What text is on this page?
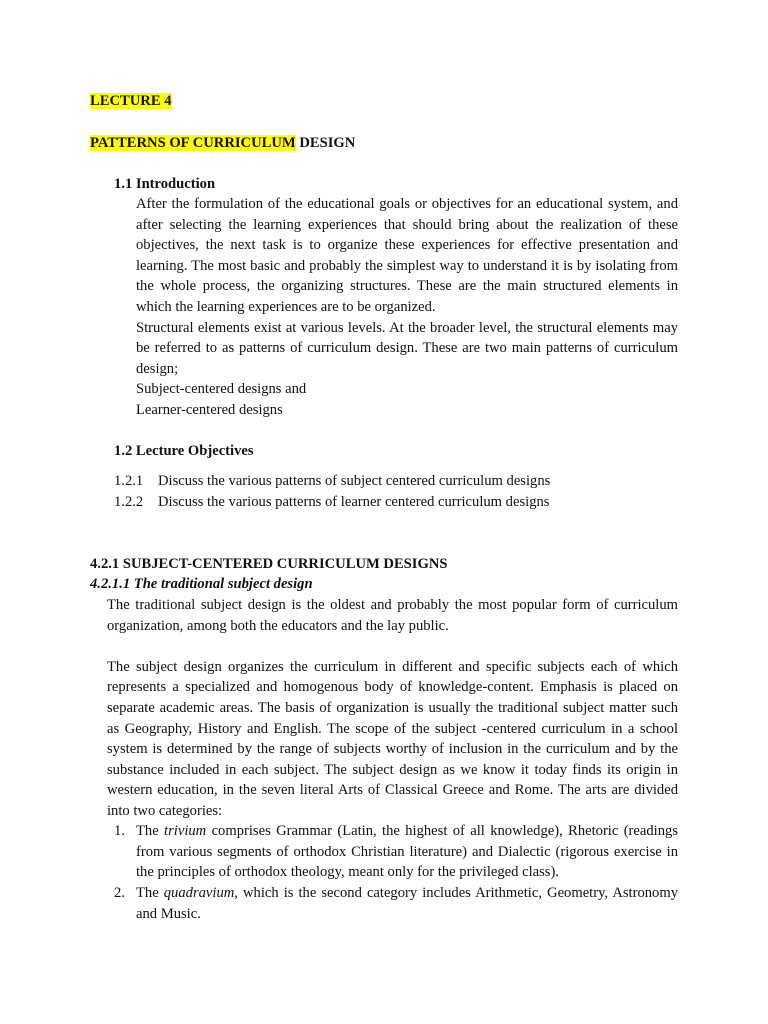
LECTURE 4
PATTERNS OF CURRICULUM DESIGN
1.1 Introduction

After the formulation of the educational goals or objectives for an educational system, and after selecting the learning experiences that should bring about the realization of these objectives, the next task is to organize these experiences for effective presentation and learning. The most basic and probably the simplest way to understand it is by isolating from the whole process, the organizing structures. These are the main structured elements in which the learning experiences are to be organized.

Structural elements exist at various levels. At the broader level, the structural elements may be referred to as patterns of curriculum design. These are two main patterns of curriculum design;

Subject-centered designs and

Learner-centered designs

1.2 Lecture Objectives
1.2.1 Discuss the various patterns of subject centered curriculum designs
1.2.2 Discuss the various patterns of learner centered curriculum designs
4.2.1 SUBJECT-CENTERED CURRICULUM DESIGNS
4.2.1.1 The traditional subject design

The traditional subject design is the oldest and probably the most popular form of curriculum organization, among both the educators and the lay public.

The subject design organizes the curriculum in different and specific subjects each of which represents a specialized and homogenous body of knowledge-content. Emphasis is placed on separate academic areas. The basis of organization is usually the traditional subject matter such as Geography, History and English. The scope of the subject -centered curriculum in a school system is determined by the range of subjects worthy of inclusion in the curriculum and by the substance included in each subject. The subject design as we know it today finds its origin in western education, in the seven literal Arts of Classical Greece and Rome. The arts are divided into two categories:

1. The trivium comprises Grammar (Latin, the highest of all knowledge), Rhetoric (readings from various segments of orthodox Christian literature) and Dialectic (rigorous exercise in the principles of orthodox theology, meant only for the privileged class).

2. The quadravium, which is the second category includes Arithmetic, Geometry, Astronomy and Music.
